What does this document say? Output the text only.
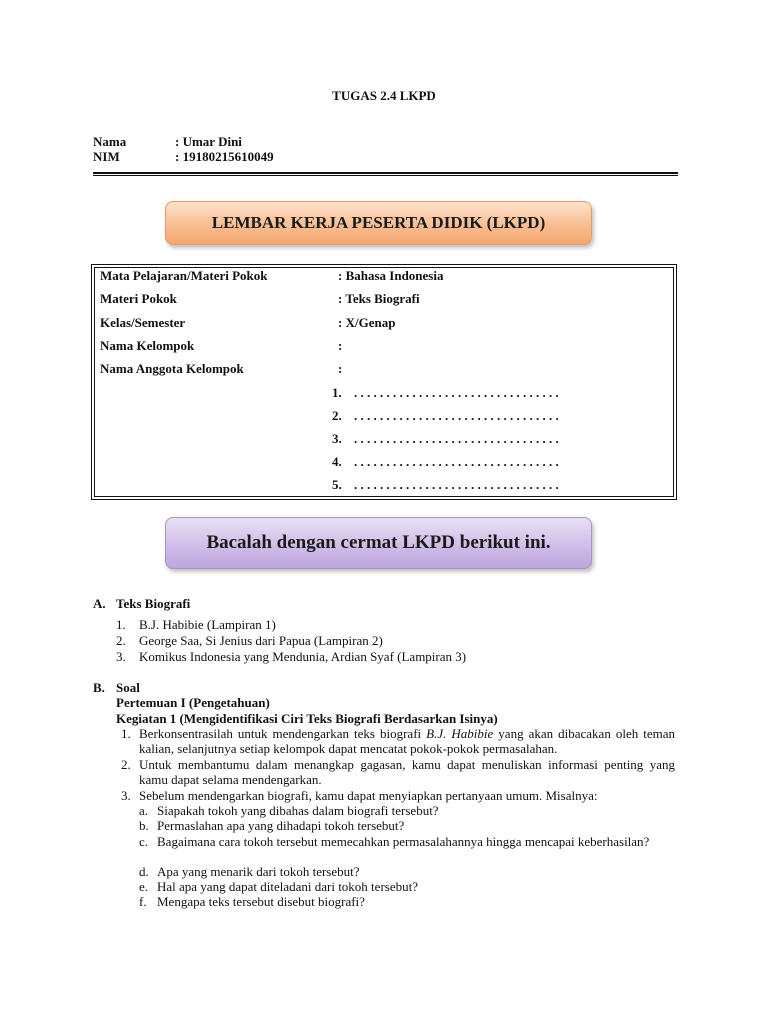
TUGAS 2.4 LKPD
Nama	: Umar Dini
NIM	: 19180215610049
LEMBAR KERJA PESERTA DIDIK (LKPD)
Mata Pelajaran/Materi Pokok	: Bahasa Indonesia
Materi Pokok	: Teks Biografi
Kelas/Semester	: X/Genap
Nama Kelompok	:
Nama Anggota Kelompok	:
1. . . . . . . . . . . . . . . . . . . . . . . . . . . . . . . . .
2. . . . . . . . . . . . . . . . . . . . . . . . . . . . . . . . .
3. . . . . . . . . . . . . . . . . . . . . . . . . . . . . . . . .
4. . . . . . . . . . . . . . . . . . . . . . . . . . . . . . . . .
5. . . . . . . . . . . . . . . . . . . . . . . . . . . . . . . . .
Bacalah dengan cermat LKPD berikut ini.
A. Teks Biografi
1. B.J. Habibie (Lampiran 1)
2. George Saa, Si Jenius dari Papua (Lampiran 2)
3. Komikus Indonesia yang Mendunia, Ardian Syaf (Lampiran 3)
B. Soal
Pertemuan I (Pengetahuan)
Kegiatan 1 (Mengidentifikasi Ciri Teks Biografi Berdasarkan Isinya)
1. Berkonsentrasilah untuk mendengarkan teks biografi B.J. Habibie yang akan dibacakan oleh teman kalian, selanjutnya setiap kelompok dapat mencatat pokok-pokok permasalahan.
2. Untuk membantumu dalam menangkap gagasan, kamu dapat menuliskan informasi penting yang kamu dapat selama mendengarkan.
3. Sebelum mendengarkan biografi, kamu dapat menyiapkan pertanyaan umum. Misalnya:
a. Siapakah tokoh yang dibahas dalam biografi tersebut?
b. Permaslahan apa yang dihadapi tokoh tersebut?
c. Bagaimana cara tokoh tersebut memecahkan permasalahannya hingga mencapai keberhasilan?
d. Apa yang menarik dari tokoh tersebut?
e. Hal apa yang dapat diteladani dari tokoh tersebut?
f. Mengapa teks tersebut disebut biografi?
